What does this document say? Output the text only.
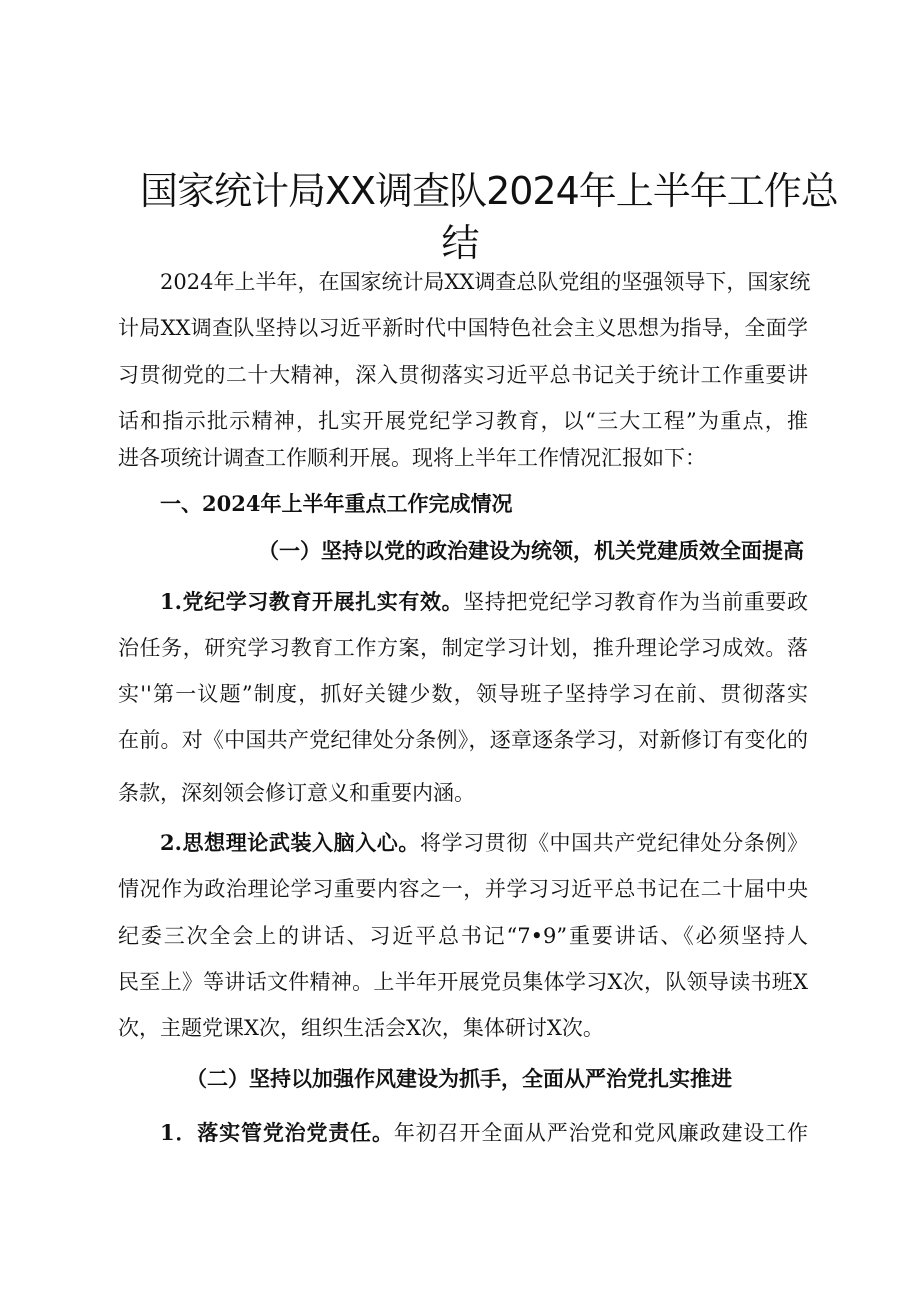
国家统计局XX调查队2024年上半年工作总
结
2024年上半年，在国家统计局XX调查总队党组的坚强领导下，国家统
计局XX调查队坚持以习近平新时代中国特色社会主义思想为指导，全面学
习贯彻党的二十大精神，深入贯彻落实习近平总书记关于统计工作重要讲
话和指示批示精神，扎实开展党纪学习教育，以“三大工程”为重点，推
进各项统计调查工作顺利开展。现将上半年工作情况汇报如下：
一、2024年上半年重点工作完成情况
（一）坚持以党的政治建设为统领，机关党建质效全面提高
1.党纪学习教育开展扎实有效。坚持把党纪学习教育作为当前重要政
治任务，研究学习教育工作方案，制定学习计划，推升理论学习成效。落
实''第一议题”制度，抓好关键少数，领导班子坚持学习在前、贯彻落实
在前。对《中国共产党纪律处分条例》，逐章逐条学习，对新修订有变化的
条款，深刻领会修订意义和重要内涵。
2.思想理论武装入脑入心。将学习贯彻《中国共产党纪律处分条例》
情况作为政治理论学习重要内容之一，并学习习近平总书记在二十届中央
纪委三次全会上的讲话、习近平总书记“7•9”重要讲话、《必须坚持人
民至上》等讲话文件精神。上半年开展党员集体学习X次，队领导读书班X
次，主题党课X次，组织生活会X次，集体研讨X次。
（二）坚持以加强作风建设为抓手，全面从严治党扎实推进
1．落实管党治党责任。年初召开全面从严治党和党风廉政建设工作
